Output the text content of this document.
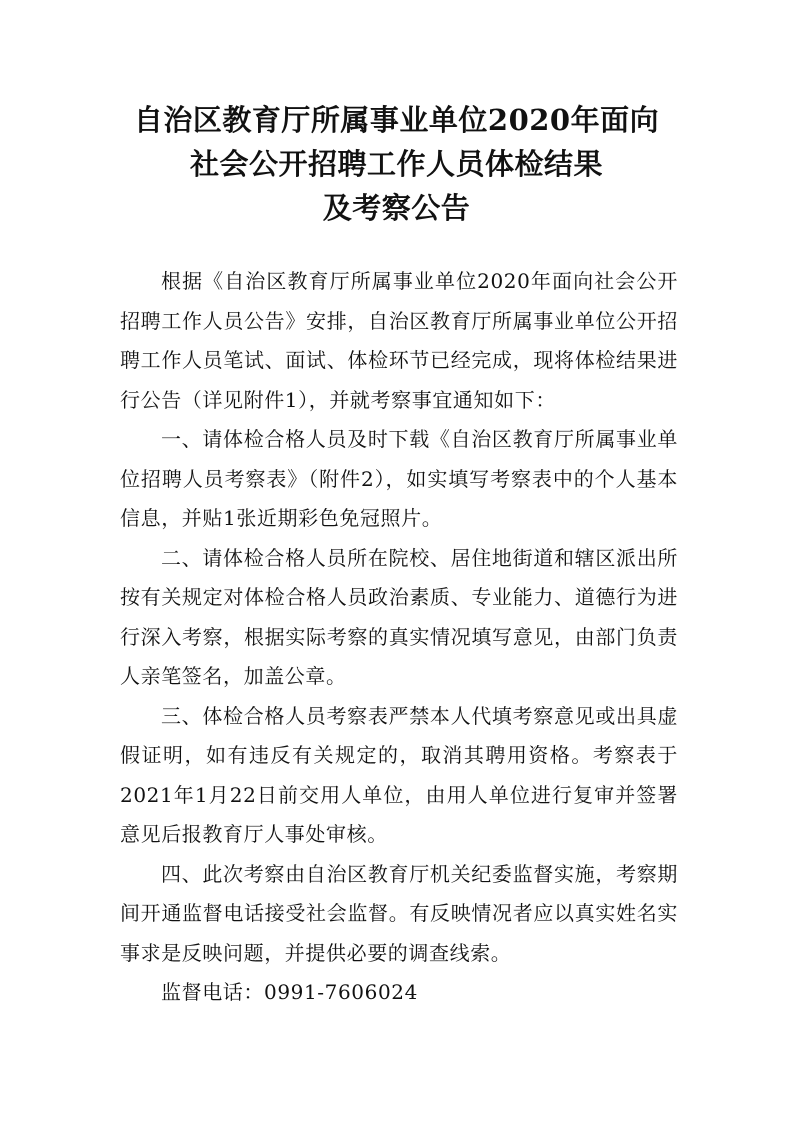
自治区教育厅所属事业单位2020年面向
社会公开招聘工作人员体检结果
及考察公告

根据《自治区教育厅所属事业单位2020年面向社会公开招聘工作人员公告》安排，自治区教育厅所属事业单位公开招聘工作人员笔试、面试、体检环节已经完成，现将体检结果进行公告（详见附件1），并就考察事宜通知如下：

一、请体检合格人员及时下载《自治区教育厅所属事业单位招聘人员考察表》（附件2），如实填写考察表中的个人基本信息，并贴1张近期彩色免冠照片。

二、请体检合格人员所在院校、居住地街道和辖区派出所按有关规定对体检合格人员政治素质、专业能力、道德行为进行深入考察，根据实际考察的真实情况填写意见，由部门负责人亲笔签名，加盖公章。

三、体检合格人员考察表严禁本人代填考察意见或出具虚假证明，如有违反有关规定的，取消其聘用资格。考察表于2021年1月22日前交用人单位，由用人单位进行复审并签署意见后报教育厅人事处审核。

四、此次考察由自治区教育厅机关纪委监督实施，考察期间开通监督电话接受社会监督。有反映情况者应以真实姓名实事求是反映问题，并提供必要的调查线索。

监督电话：0991-7606024
